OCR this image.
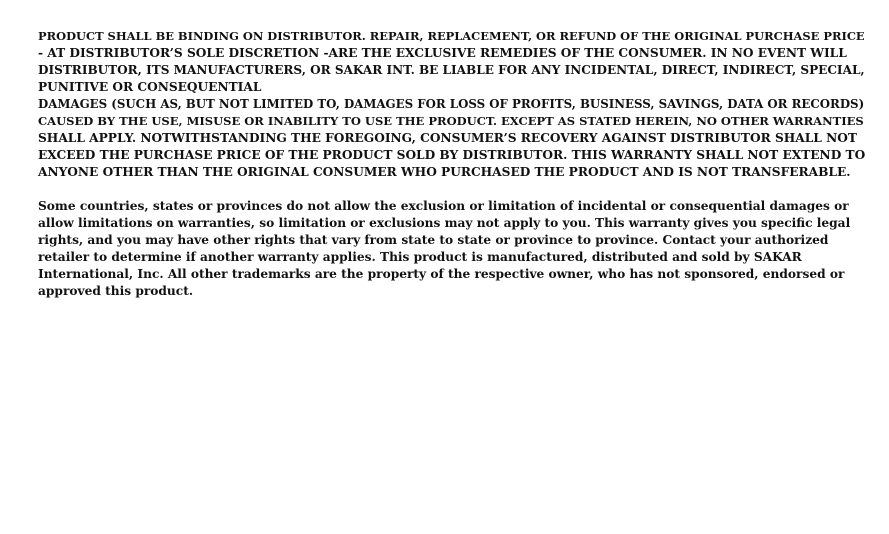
PRODUCT SHALL BE BINDING ON DISTRIBUTOR. REPAIR, REPLACEMENT, OR REFUND OF THE ORIGINAL PURCHASE PRICE
- AT DISTRIBUTOR’S SOLE DISCRETION -ARE THE EXCLUSIVE REMEDIES OF THE CONSUMER. IN NO EVENT WILL
DISTRIBUTOR, ITS MANUFACTURERS, OR SAKAR INT. BE LIABLE FOR ANY INCIDENTAL, DIRECT, INDIRECT, SPECIAL,
PUNITIVE OR CONSEQUENTIAL
DAMAGES (SUCH AS, BUT NOT LIMITED TO, DAMAGES FOR LOSS OF PROFITS, BUSINESS, SAVINGS, DATA OR RECORDS)
CAUSED BY THE USE, MISUSE OR INABILITY TO USE THE PRODUCT. EXCEPT AS STATED HEREIN, NO OTHER WARRANTIES
SHALL APPLY. NOTWITHSTANDING THE FOREGOING, CONSUMER’S RECOVERY AGAINST DISTRIBUTOR SHALL NOT
EXCEED THE PURCHASE PRICE OF THE PRODUCT SOLD BY DISTRIBUTOR. THIS WARRANTY SHALL NOT EXTEND TO
ANYONE OTHER THAN THE ORIGINAL CONSUMER WHO PURCHASED THE PRODUCT AND IS NOT TRANSFERABLE.
Some countries, states or provinces do not allow the exclusion or limitation of incidental or consequential damages or
allow limitations on warranties, so limitation or exclusions may not apply to you. This warranty gives you specific legal
rights, and you may have other rights that vary from state to state or province to province. Contact your authorized
retailer to determine if another warranty applies. This product is manufactured, distributed and sold by SAKAR
International, Inc. All other trademarks are the property of the respective owner, who has not sponsored, endorsed or
approved this product.
